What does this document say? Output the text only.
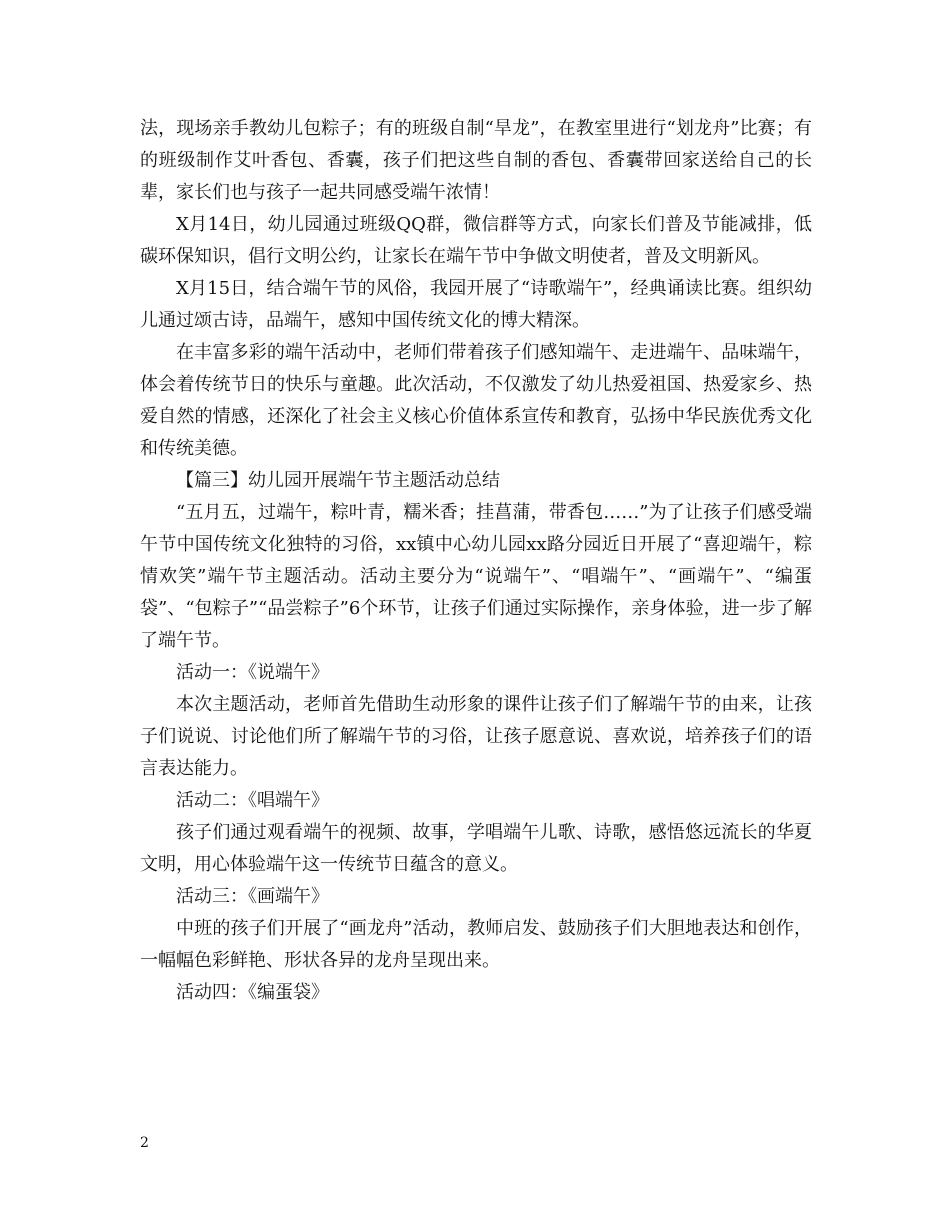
法，现场亲手教幼儿包粽子；有的班级自制“旱龙”，在教室里进行“划龙舟”比赛；有的班级制作艾叶香包、香囊，孩子们把这些自制的香包、香囊带回家送给自己的长辈，家长们也与孩子一起共同感受端午浓情！

X月14日，幼儿园通过班级QQ群，微信群等方式，向家长们普及节能减排，低碳环保知识，倡行文明公约，让家长在端午节中争做文明使者，普及文明新风。

X月15日，结合端午节的风俗，我园开展了“诗歌端午”，经典诵读比赛。组织幼儿通过颂古诗，品端午，感知中国传统文化的博大精深。

在丰富多彩的端午活动中，老师们带着孩子们感知端午、走进端午、品味端午，体会着传统节日的快乐与童趣。此次活动，不仅激发了幼儿热爱祖国、热爱家乡、热爱自然的情感，还深化了社会主义核心价值体系宣传和教育，弘扬中华民族优秀文化和传统美德。

【篇三】幼儿园开展端午节主题活动总结

“五月五，过端午，粽叶青，糯米香；挂菖蒲，带香包……”为了让孩子们感受端午节中国传统文化独特的习俗，xx镇中心幼儿园xx路分园近日开展了“喜迎端午，粽情欢笑”端午节主题活动。活动主要分为“说端午”、“唱端午”、“画端午”、“编蛋袋”、“包粽子”“品尝粽子”6个环节，让孩子们通过实际操作，亲身体验，进一步了解了端午节。

活动一：《说端午》

本次主题活动，老师首先借助生动形象的课件让孩子们了解端午节的由来，让孩子们说说、讨论他们所了解端午节的习俗，让孩子愿意说、喜欢说，培养孩子们的语言表达能力。

活动二：《唱端午》

孩子们通过观看端午的视频、故事，学唱端午儿歌、诗歌，感悟悠远流长的华夏文明，用心体验端午这一传统节日蕴含的意义。

活动三：《画端午》

中班的孩子们开展了“画龙舟”活动，教师启发、鼓励孩子们大胆地表达和创作，一幅幅色彩鲜艳、形状各异的龙舟呈现出来。

活动四：《编蛋袋》

2
